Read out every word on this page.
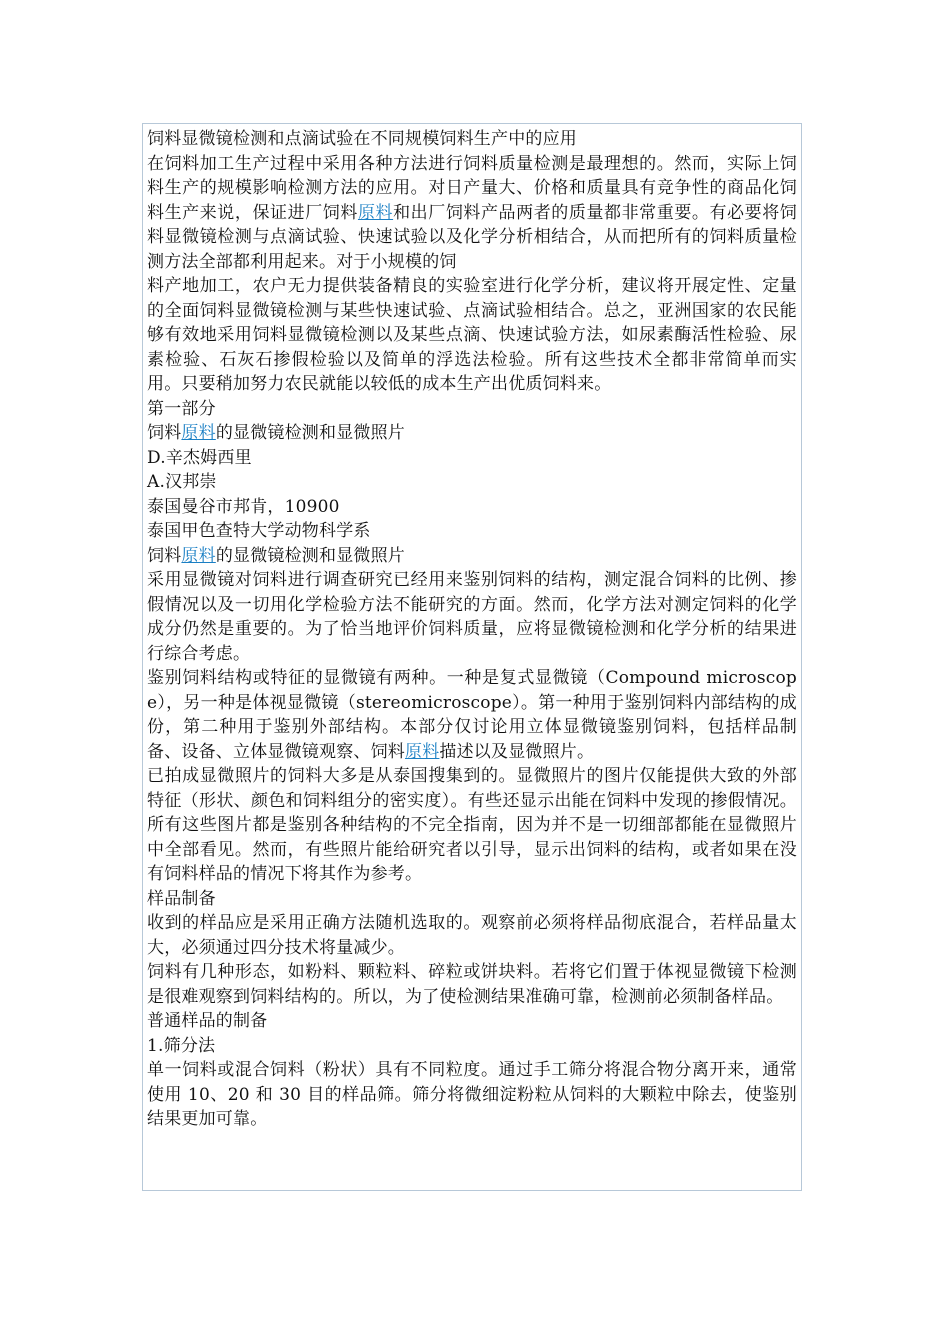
饲料显微镜检测和点滴试验在不同规模饲料生产中的应用

在饲料加工生产过程中采用各种方法进行饲料质量检测是最理想的。然而，实际上饲料生产的规模影响检测方法的应用。对日产量大、价格和质量具有竞争性的商品化饲料生产来说，保证进厂饲料原料和出厂饲料产品两者的质量都非常重要。有必要将饲料显微镜检测与点滴试验、快速试验以及化学分析相结合，从而把所有的饲料质量检测方法全部都利用起来。对于小规模的饲

料产地加工，农户无力提供装备精良的实验室进行化学分析，建议将开展定性、定量的全面饲料显微镜检测与某些快速试验、点滴试验相结合。总之，亚洲国家的农民能够有效地采用饲料显微镜检测以及某些点滴、快速试验方法，如尿素酶活性检验、尿素检验、石灰石掺假检验以及简单的浮选法检验。所有这些技术全都非常简单而实用。只要稍加努力农民就能以较低的成本生产出优质饲料来。

第一部分

饲料原料的显微镜检测和显微照片

D.辛杰姆西里

A.汉邦崇

泰国曼谷市邦肯，10900

泰国甲色查特大学动物科学系

饲料原料的显微镜检测和显微照片

采用显微镜对饲料进行调查研究已经用来鉴别饲料的结构，测定混合饲料的比例、掺假情况以及一切用化学检验方法不能研究的方面。然而，化学方法对测定饲料的化学成分仍然是重要的。为了恰当地评价饲料质量，应将显微镜检测和化学分析的结果进行综合考虑。

鉴别饲料结构或特征的显微镜有两种。一种是复式显微镜（Compound microscope），另一种是体视显微镜（stereomicroscope）。第一种用于鉴别饲料内部结构的成份，第二种用于鉴别外部结构。本部分仅讨论用立体显微镜鉴别饲料，包括样品制备、设备、立体显微镜观察、饲料原料描述以及显微照片。

已拍成显微照片的饲料大多是从泰国搜集到的。显微照片的图片仅能提供大致的外部特征（形状、颜色和饲料组分的密实度）。有些还显示出能在饲料中发现的掺假情况。所有这些图片都是鉴别各种结构的不完全指南，因为并不是一切细部都能在显微照片中全部看见。然而，有些照片能给研究者以引导，显示出饲料的结构，或者如果在没有饲料样品的情况下将其作为参考。

样品制备

收到的样品应是采用正确方法随机选取的。观察前必须将样品彻底混合，若样品量太大，必须通过四分技术将量减少。

饲料有几种形态，如粉料、颗粒料、碎粒或饼块料。若将它们置于体视显微镜下检测是很难观察到饲料结构的。所以，为了使检测结果准确可靠，检测前必须制备样品。

普通样品的制备

1.筛分法

单一饲料或混合饲料（粉状）具有不同粒度。通过手工筛分将混合物分离开来，通常使用 10、20 和 30 目的样品筛。筛分将微细淀粉粒从饲料的大颗粒中除去，使鉴别结果更加可靠。
